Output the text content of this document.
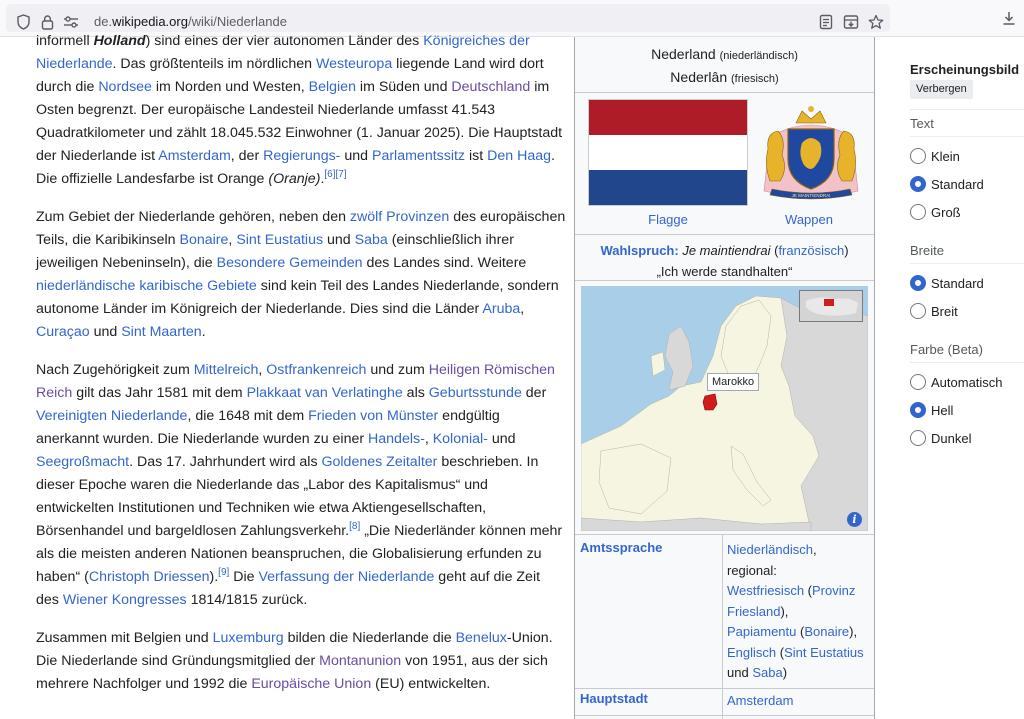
de.wikipedia.org/wiki/Niederlande

informell Holland) sind eines der vier autonomen Länder des Königreiches der Niederlande. Das größtenteils im nördlichen Westeuropa liegende Land wird dort durch die Nordsee im Norden und Westen, Belgien im Süden und Deutschland im Osten begrenzt. Der europäische Landesteil Niederlande umfasst 41.543 Quadratkilometer und zählt 18.045.532 Einwohner (1. Januar 2025). Die Hauptstadt der Niederlande ist Amsterdam, der Regierungs- und Parlamentssitz ist Den Haag. Die offizielle Landesfarbe ist Orange (Oranje).[6][7]

Zum Gebiet der Niederlande gehören, neben den zwölf Provinzen des europäischen Teils, die Karibikinseln Bonaire, Sint Eustatius und Saba (einschließlich ihrer jeweiligen Nebeninseln), die Besondere Gemeinden des Landes sind. Weitere niederländische karibische Gebiete sind kein Teil des Landes Niederlande, sondern autonome Länder im Königreich der Niederlande. Dies sind die Länder Aruba, Curaçao und Sint Maarten.

Nach Zugehörigkeit zum Mittelreich, Ostfrankenreich und zum Heiligen Römischen Reich gilt das Jahr 1581 mit dem Plakkaat van Verlatinghe als Geburtsstunde der Vereinigten Niederlande, die 1648 mit dem Frieden von Münster endgültig anerkannt wurden. Die Niederlande wurden zu einer Handels-, Kolonial- und Seegroßmacht. Das 17. Jahrhundert wird als Goldenes Zeitalter beschrieben. In dieser Epoche waren die Niederlande das „Labor des Kapitalismus“ und entwickelten Institutionen und Techniken wie etwa Aktiengesellschaften, Börsenhandel und bargeldlosen Zahlungsverkehr.[8] „Die Niederländer können mehr als die meisten anderen Nationen beanspruchen, die Globalisierung erfunden zu haben“ (Christoph Driessen).[9] Die Verfassung der Niederlande geht auf die Zeit des Wiener Kongresses 1814/1815 zurück.

Zusammen mit Belgien und Luxemburg bilden die Niederlande die Benelux-Union. Die Niederlande sind Gründungsmitglied der Montanunion von 1951, aus der sich mehrere Nachfolger und 1992 die Europäische Union (EU) entwickelten.

Nederland (niederländisch)
Nederlân (friesisch)
JE MAINTIENDRAI
Flagge	Wappen
Wahlspruch: Je maintiendrai (französisch)
„Ich werde standhalten“
Marokko
i
Amtssprache	Niederländisch,
regional:
Westfriesisch (Provinz Friesland),
Papiamentu (Bonaire),
Englisch (Sint Eustatius
und Saba)
Hauptstadt	Amsterdam
Erscheinungsbild
Verbergen
Text
Klein
Standard
Groß
Breite
Standard
Breit
Farbe (Beta)
Automatisch
Hell
Dunkel
